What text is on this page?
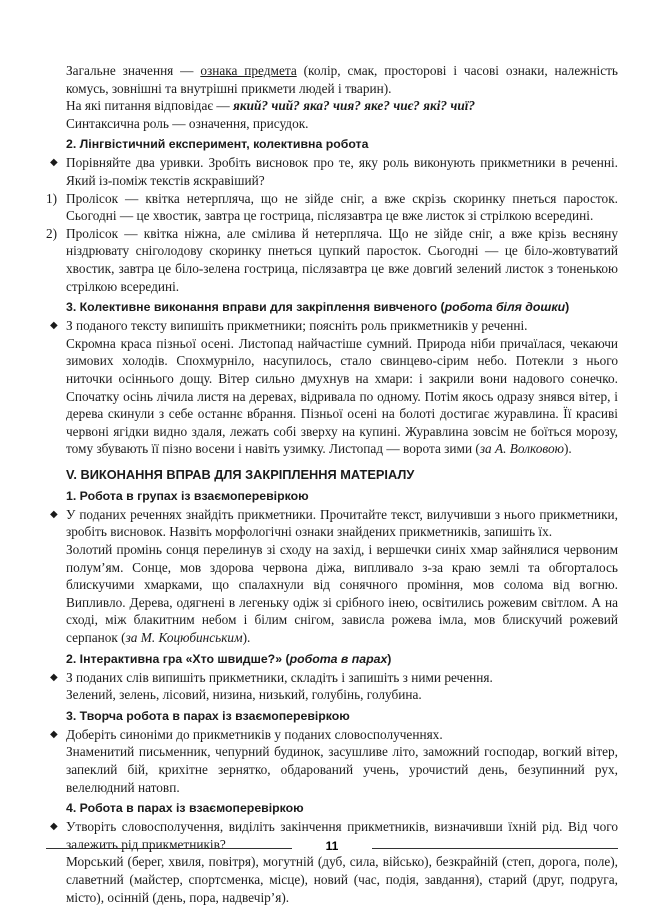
Загальне значення — ознака предмета (колір, смак, просторові і часові ознаки, належність комусь, зовнішні та внутрішні прикмети людей і тварин).

На які питання відповідає — який? чий? яка? чия? яке? чиє? які? чиї?

Синтаксична роль — означення, присудок.

2. Лінгвістичний експеримент, колективна робота

◆ Порівняйте два уривки. Зробіть висновок про те, яку роль виконують прикметники в реченні. Який із-поміж текстів яскравіший?

1) Пролісок — квітка нетерпляча, що не зійде сніг, а вже скрізь скоринку пнеться паросток. Сьогодні — це хвостик, завтра це гострица, післязавтра це вже листок зі стрілкою всередині.

2) Пролісок — квітка ніжна, але смілива й нетерпляча. Що не зійде сніг, а вже крізь весняну ніздрювату сніголодову скоринку пнеться цупкий паросток. Сьогодні — це біло-жовтуватий хвостик, завтра це біло-зелена гострица, післязавтра це вже довгий зелений листок з тоненькою стрілкою всередині.

3. Колективне виконання вправи для закріплення вивченого (робота біля дошки)

◆ З поданого тексту випишіть прикметники; поясніть роль прикметників у реченні.

Скромна краса пізньої осені. Листопад найчастіше сумний. Природа ніби причаїлася, чекаючи зимових холодів. Спохмурніло, насупилось, стало свинцево-сірим небо. Потекли з нього ниточки осіннього дощу. Вітер сильно дмухнув на хмари: і закрили вони надового сонечко. Спочатку осінь лічила листя на деревах, відривала по одному. Потім якось одразу знявся вітер, і дерева скинули з себе останнє вбрання. Пізньої осені на болоті достигає журавлина. Її красиві червоні ягідки видно здаля, лежать собі зверху на купині. Журавлина зовсім не боїться морозу, тому збувають її пізно восени і навіть узимку. Листопад — ворота зими (за А. Волковою).

V. ВИКОНАННЯ ВПРАВ ДЛЯ ЗАКРІПЛЕННЯ МАТЕРІАЛУ
1. Робота в групах із взаємоперевіркою

◆ У поданих реченнях знайдіть прикметники. Прочитайте текст, вилучивши з нього прикметники, зробіть висновок. Назвіть морфологічні ознаки знайдених прикметників, запишіть їх.

Золотий промінь сонця перелинув зі сходу на захід, і вершечки синіх хмар зайнялися червоним полум’ям. Сонце, мов здорова червона діжа, випливало з-за краю землі та обгорталось блискучими хмарками, що спалахнули від сонячного проміння, мов солома від вогню. Випливло. Дерева, одягнені в легеньку одіж зі срібного інею, освітились рожевим світлом. А на сході, між блакитним небом і білим снігом, зависла рожева імла, мов блискучий рожевий серпанок (за М. Коцюбинським).

2. Інтерактивна гра «Хто швидше?» (робота в парах)

◆ З поданих слів випишіть прикметники, складіть і запишіть з ними речення.

Зелений, зелень, лісовий, низина, низький, голубінь, голубина.

3. Творча робота в парах із взаємоперевіркою

◆ Доберіть синоніми до прикметників у поданих словосполученнях.

Знаменитий письменник, чепурний будинок, засушливе літо, заможний господар, вогкий вітер, запеклий бій, крихітне зернятко, обдарований учень, урочистий день, безупинний рух, велелюдний натовп.

4. Робота в парах із взаємоперевіркою

◆ Утворіть словосполучення, виділіть закінчення прикметників, визначивши їхній рід. Від чого залежить рід прикметників?

Морський (берег, хвиля, повітря), могутній (дуб, сила, військо), безкрайній (степ, дорога, поле), славетний (майстер, спортсменка, місце), новий (час, подія, завдання), старий (друг, подруга, місто), осінній (день, пора, надвечір’я).

11
